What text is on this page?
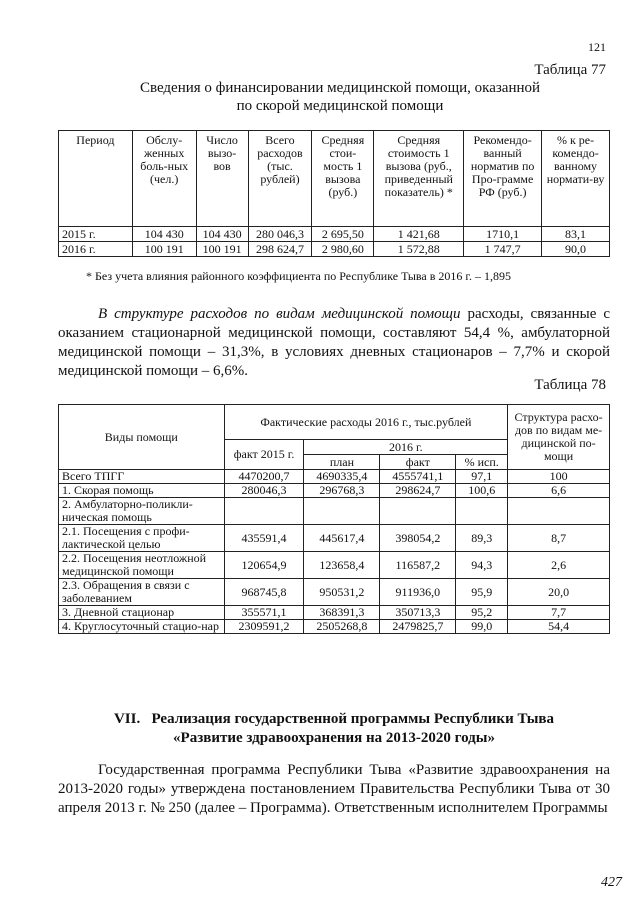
121
Таблица 77
Сведения о финансировании медицинской помощи, оказанной
по скорой медицинской помощи
Период	Обслу-женных боль-ных (чел.)	Число вызо-вов	Всего расходов (тыс. рублей)	Средняя стои-мость 1 вызова (руб.)	Средняя стоимость 1 вызова (руб., приведенный показатель) *	Рекомендо-ванный норматив по Про-грамме РФ (руб.)	% к ре-комендо-ванному нормати-ву
2015 г.	104 430	104 430	280 046,3	2 695,50	1 421,68	1710,1	83,1
2016 г.	100 191	100 191	298 624,7	2 980,60	1 572,88	1 747,7	90,0
* Без учета влияния районного коэффициента по Республике Тыва в 2016 г. – 1,895

В структуре расходов по видам медицинской помощи расходы, связанные с оказанием стационарной медицинской помощи, составляют 54,4 %, амбулаторной медицинской помощи – 31,3%, в условиях дневных стационаров – 7,7% и скорой медицинской помощи – 6,6%.

Таблица 78
Виды помощи	Фактические расходы 2016 г., тыс.рублей				Структура расхо-дов по видам ме-дицинской по-мощи
	факт 2015 г.	2016 г.			
		план	факт	% исп.	
Всего ТПГГ	4470200,7	4690335,4	4555741,1	97,1	100
1. Скорая помощь	280046,3	296768,3	298624,7	100,6	6,6
2. Амбулаторно-поликли-ническая помощь					
2.1. Посещения с профи-лактической целью	435591,4	445617,4	398054,2	89,3	8,7
2.2. Посещения неотложной медицинской помощи	120654,9	123658,4	116587,2	94,3	2,6
2.3. Обращения в связи с заболеванием	968745,8	950531,2	911936,0	95,9	20,0
3. Дневной стационар	355571,1	368391,3	350713,3	95,2	7,7
4. Круглосуточный стацио-нар	2309591,2	2505268,8	2479825,7	99,0	54,4
VII.   Реализация государственной программы Республики Тыва
«Развитие здравоохранения на 2013-2020 годы»

Государственная программа Республики Тыва «Развитие здравоохранения на 2013-2020 годы» утверждена постановлением Правительства Республики Тыва от 30 апреля 2013 г. № 250 (далее – Программа). Ответственным исполнителем Программы

427
